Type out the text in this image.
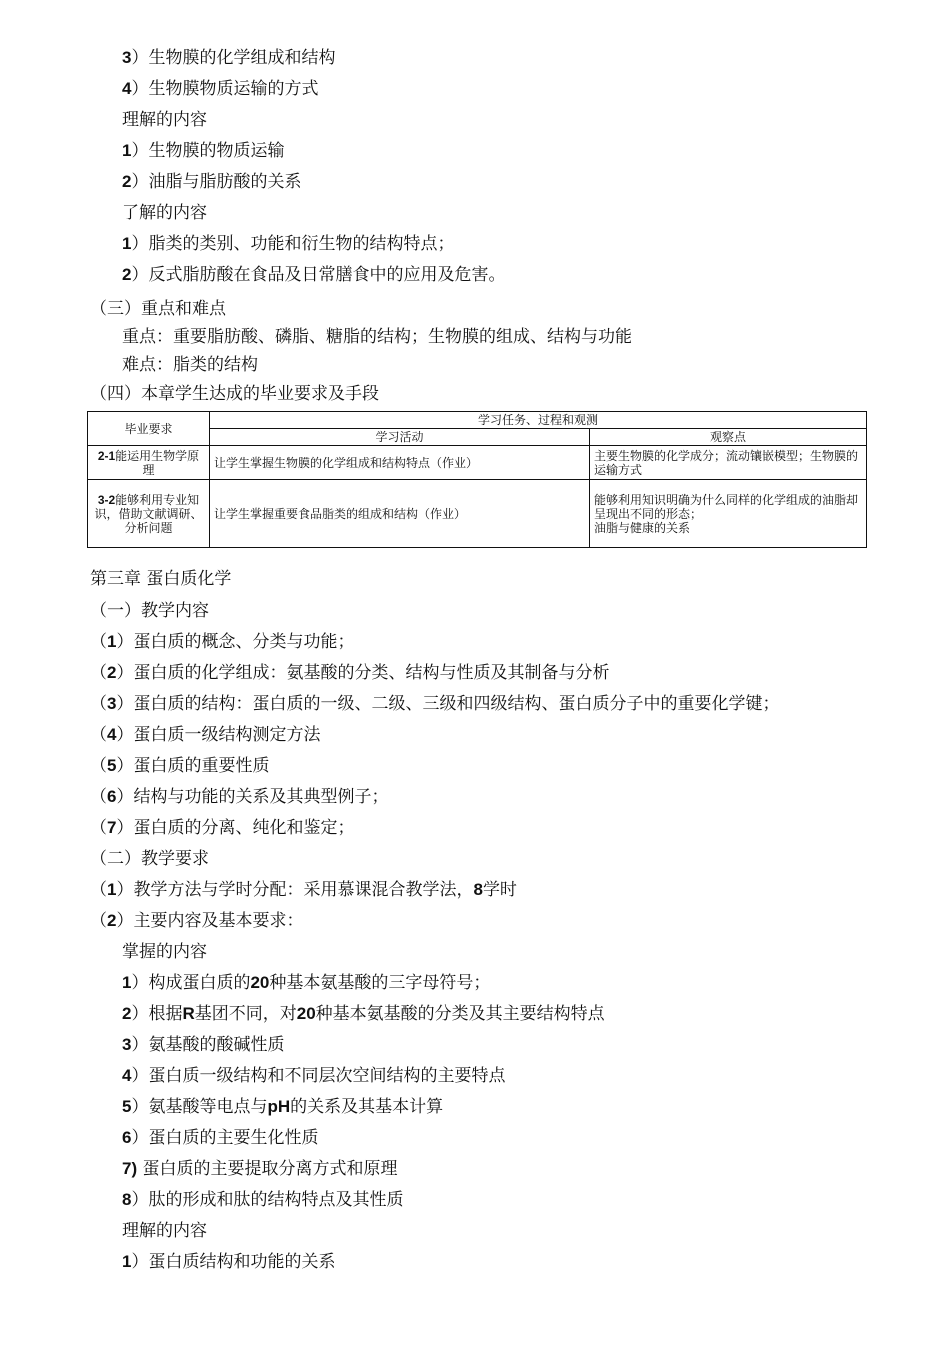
3）生物膜的化学组成和结构
4）生物膜物质运输的方式
理解的内容
1）生物膜的物质运输
2）油脂与脂肪酸的关系
了解的内容
1）脂类的类别、功能和衍生物的结构特点；
2）反式脂肪酸在食品及日常膳食中的应用及危害。
（三）重点和难点
重点：重要脂肪酸、磷脂、糖脂的结构；生物膜的组成、结构与功能
难点：脂类的结构
（四）本章学生达成的毕业要求及手段
毕业要求	学习任务、过程和观测	
	学习活动	观察点
2-1能运用生物学原理	让学生掌握生物膜的化学组成和结构特点（作业）	主要生物膜的化学成分；流动镶嵌模型；生物膜的运输方式
3-2能够利用专业知识，借助文献调研、分析问题	让学生掌握重要食品脂类的组成和结构（作业）	能够利用知识明确为什么同样的化学组成的油脂却呈现出不同的形态；
油脂与健康的关系
第三章 蛋白质化学
（一）教学内容
（1）蛋白质的概念、分类与功能；
（2）蛋白质的化学组成：氨基酸的分类、结构与性质及其制备与分析
（3）蛋白质的结构：蛋白质的一级、二级、三级和四级结构、蛋白质分子中的重要化学键；
（4）蛋白质一级结构测定方法
（5）蛋白质的重要性质
（6）结构与功能的关系及其典型例子；
（7）蛋白质的分离、纯化和鉴定；
（二）教学要求
（1）教学方法与学时分配：采用慕课混合教学法，8学时
（2）主要内容及基本要求：
掌握的内容
1）构成蛋白质的20种基本氨基酸的三字母符号；
2）根据R基团不同，对20种基本氨基酸的分类及其主要结构特点
3）氨基酸的酸碱性质
4）蛋白质一级结构和不同层次空间结构的主要特点
5）氨基酸等电点与pH的关系及其基本计算
6）蛋白质的主要生化性质
7) 蛋白质的主要提取分离方式和原理
8）肽的形成和肽的结构特点及其性质
理解的内容
1）蛋白质结构和功能的关系
